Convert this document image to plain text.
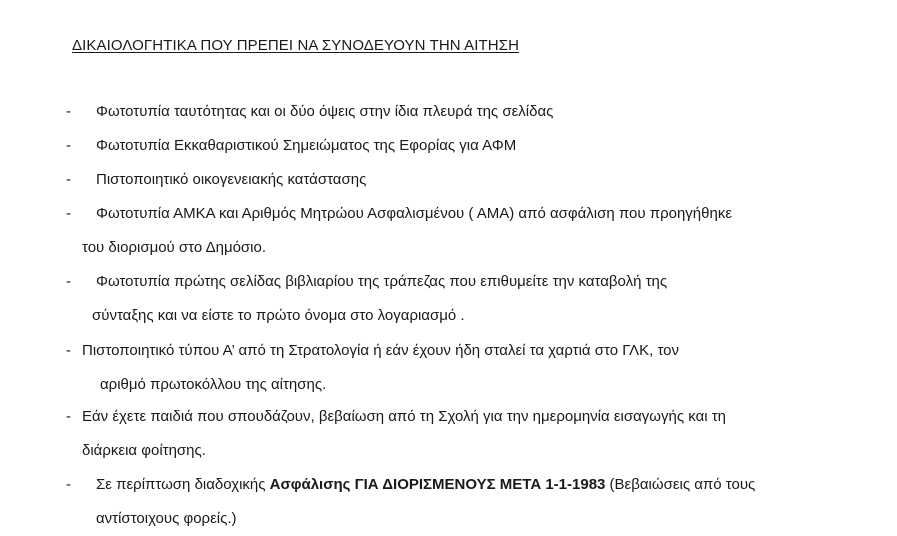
ΔΙΚΑΙΟΛΟΓΗΤΙΚΑ ΠΟΥ ΠΡΕΠΕΙ ΝΑ ΣΥΝΟΔΕΥΟΥΝ ΤΗΝ ΑΙΤΗΣΗ
-	Φωτοτυπία ταυτότητας και οι δύο όψεις στην ίδια πλευρά της σελίδας
-	Φωτοτυπία Εκκαθαριστικού Σημειώματος της Εφορίας για ΑΦΜ
-	Πιστοποιητικό οικογενειακής κατάστασης
-	Φωτοτυπία ΑΜΚΑ και Αριθμός Μητρώου Ασφαλισμένου ( ΑΜΑ) από ασφάλιση που προηγήθηκε
του διορισμού στο Δημόσιο.
-	Φωτοτυπία πρώτης σελίδας βιβλιαρίου της τράπεζας που επιθυμείτε την καταβολή της
σύνταξης και να είστε το πρώτο όνομα στο λογαριασμό .
- Πιστοποιητικό τύπου Α’ από τη Στρατολογία ή εάν έχουν ήδη σταλεί τα χαρτιά στο ΓΛΚ, τον
αριθμό πρωτοκόλλου της αίτησης.
- Εάν έχετε παιδιά που σπουδάζουν, βεβαίωση από τη Σχολή για την ημερομηνία εισαγωγής και τη
διάρκεια φοίτησης.
-	Σε περίπτωση διαδοχικής Ασφάλισης ΓΙΑ ΔΙΟΡΙΣΜΕΝΟΥΣ ΜΕΤΑ 1-1-1983 (Βεβαιώσεις από τους
αντίστοιχους φορείς.)
